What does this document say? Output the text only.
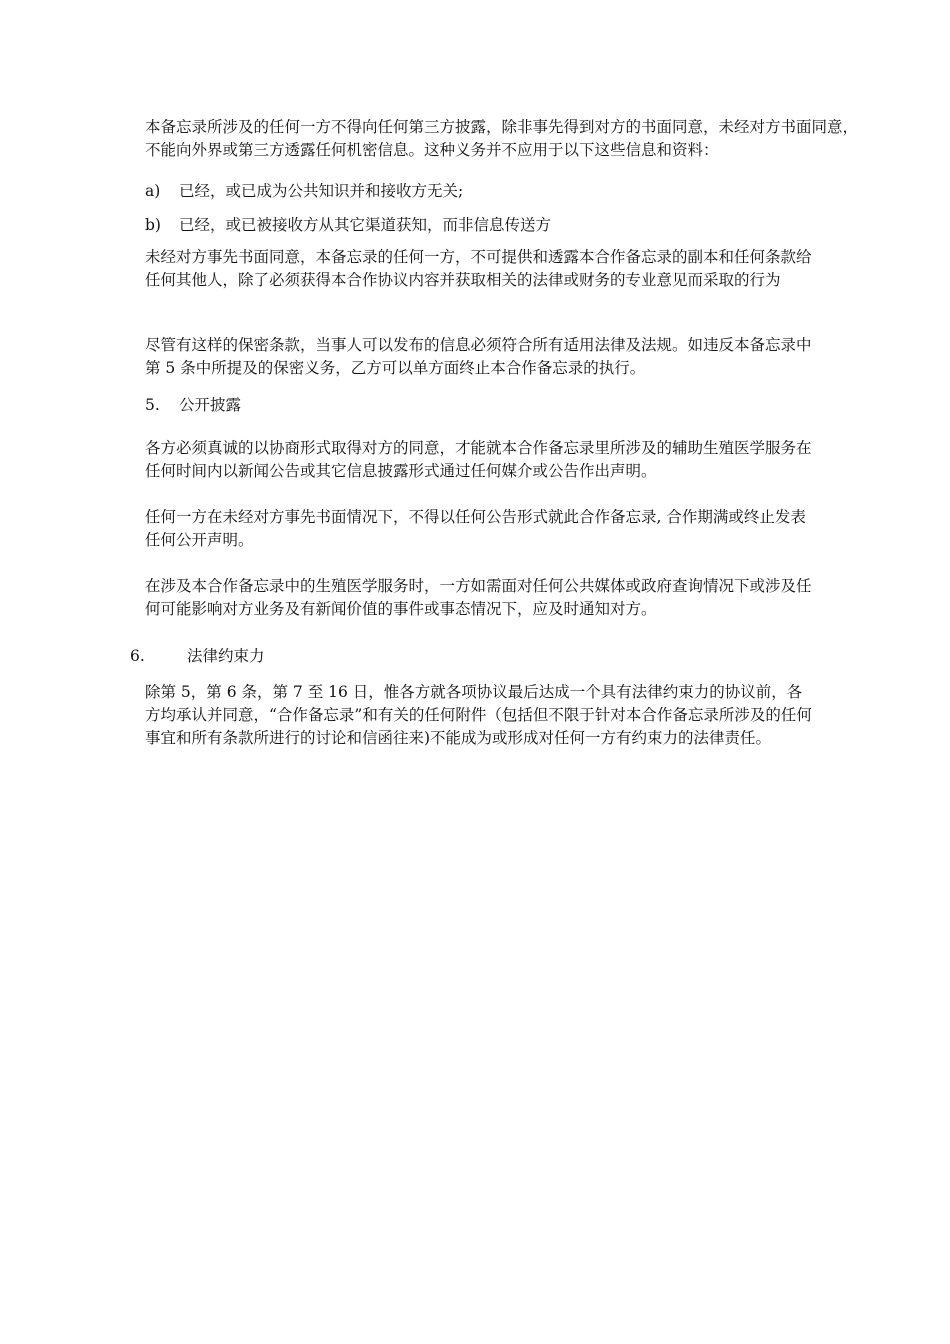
本备忘录所涉及的任何一方不得向任何第三方披露，除非事先得到对方的书面同意，未经对方书面同意，不能向外界或第三方透露任何机密信息。这种义务并不应用于以下这些信息和资料：

a) 已经，或已成为公共知识并和接收方无关;
b) 已经，或已被接收方从其它渠道获知，而非信息传送方

未经对方事先书面同意，本备忘录的任何一方，不可提供和透露本合作备忘录的副本和任何条款给任何其他人，除了必须获得本合作协议内容并获取相关的法律或财务的专业意见而采取的行为

尽管有这样的保密条款，当事人可以发布的信息必须符合所有适用法律及法规。如违反本备忘录中第 5 条中所提及的保密义务，乙方可以单方面终止本合作备忘录的执行。

5. 公开披露

各方必须真诚的以协商形式取得对方的同意，才能就本合作备忘录里所涉及的辅助生殖医学服务在任何时间内以新闻公告或其它信息披露形式通过任何媒介或公告作出声明。

任何一方在未经对方事先书面情况下，不得以任何公告形式就此合作备忘录, 合作期满或终止发表任何公开声明。

在涉及本合作备忘录中的生殖医学服务时，一方如需面对任何公共媒体或政府查询情况下或涉及任何可能影响对方业务及有新闻价值的事件或事态情况下，应及时通知对方。

6.	法律约束力

除第 5，第 6 条，第 7 至 16 日，惟各方就各项协议最后达成一个具有法律约束力的协议前，各方均承认并同意，“合作备忘录”和有关的任何附件（包括但不限于针对本合作备忘录所涉及的任何事宜和所有条款所进行的讨论和信函往来)不能成为或形成对任何一方有约束力的法律责任。
